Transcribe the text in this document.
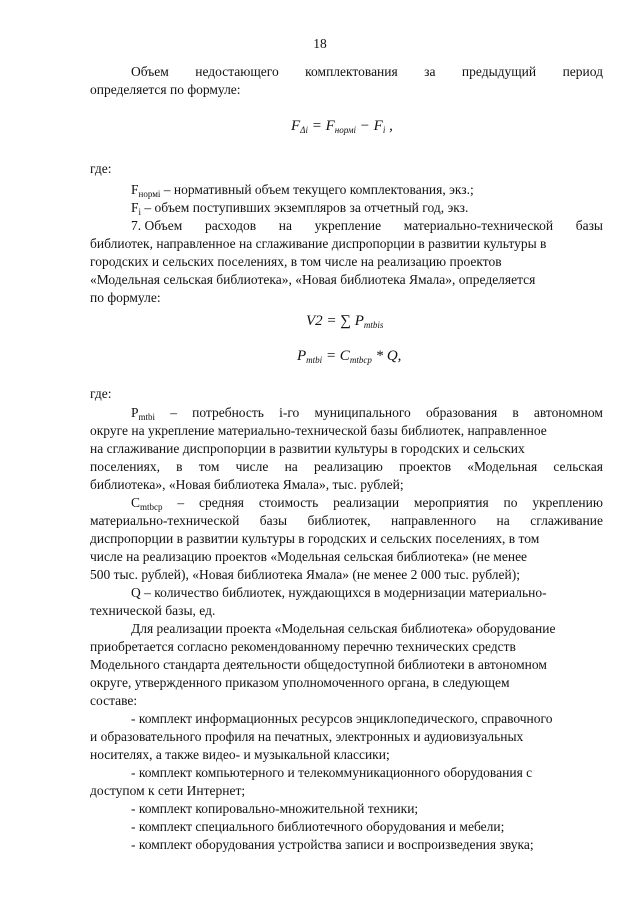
18
Объем недостающего комплектования за предыдущий период
определяется по формуле:
$F_{\Delta i} = F_{нормi} - F_i$ ,
где:
$F_{нормi}$ – нормативный объем текущего комплектования, экз.;
$F_i$ – объем поступивших экземпляров за отчетный год, экз.
7. Объем расходов на укрепление материально-технической базы
библиотек, направленное на сглаживание диспропорции в развитии культуры в
городских и сельских поселениях, в том числе на реализацию проектов
«Модельная сельская библиотека», «Новая библиотека Ямала», определяется
по формуле:
V2 = ∑ $P_{mtbis}$
$P_{mtbi} = C_{mtbcp} * Q$,
где:
$P_{mtbi}$ – потребность i-го муниципального образования в автономном
округе на укрепление материально-технической базы библиотек, направленное
на сглаживание диспропорции в развитии культуры в городских и сельских
поселениях, в том числе на реализацию проектов «Модельная сельская
библиотека», «Новая библиотека Ямала», тыс. рублей;
$C_{mtbcp}$ – средняя стоимость реализации мероприятия по укреплению
материально-технической базы библиотек, направленного на сглаживание
диспропорции в развитии культуры в городских и сельских поселениях, в том
числе на реализацию проектов «Модельная сельская библиотека» (не менее
500 тыс. рублей), «Новая библиотека Ямала» (не менее 2 000 тыс. рублей);
Q – количество библиотек, нуждающихся в модернизации материально-
технической базы, ед.
Для реализации проекта «Модельная сельская библиотека» оборудование
приобретается согласно рекомендованному перечню технических средств
Модельного стандарта деятельности общедоступной библиотеки в автономном
округе, утвержденного приказом уполномоченного органа, в следующем
составе:
- комплект информационных ресурсов энциклопедического, справочного
и образовательного профиля на печатных, электронных и аудиовизуальных
носителях, а также видео- и музыкальной классики;
- комплект компьютерного и телекоммуникационного оборудования с
доступом к сети Интернет;
- комплект копировально-множительной техники;
- комплект специального библиотечного оборудования и мебели;
- комплект оборудования устройства записи и воспроизведения звука;
